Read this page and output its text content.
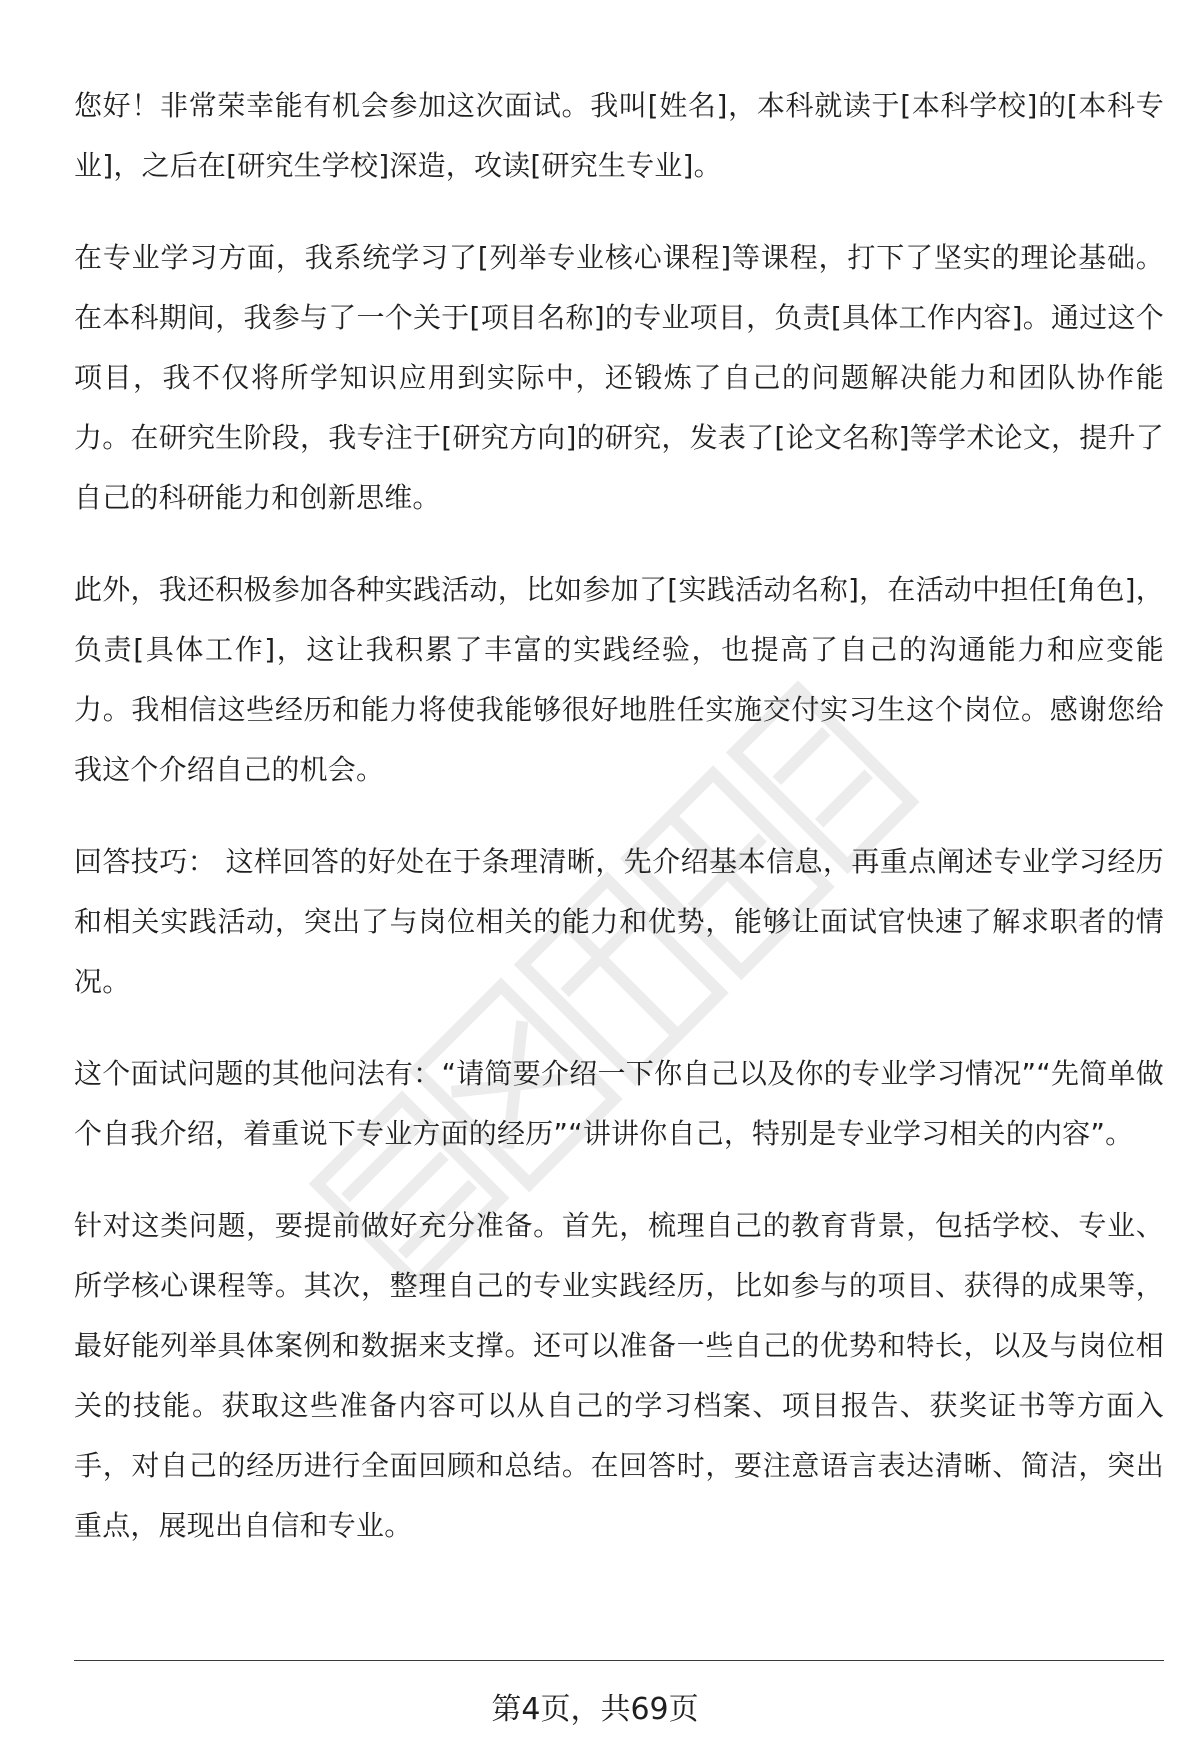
您好！非常荣幸能有机会参加这次面试。我叫[姓名]，本科就读于[本科学校]的[本科专业]，之后在[研究生学校]深造，攻读[研究生专业]。

在专业学习方面，我系统学习了[列举专业核心课程]等课程，打下了坚实的理论基础。在本科期间，我参与了一个关于[项目名称]的专业项目，负责[具体工作内容]。通过这个项目，我不仅将所学知识应用到实际中，还锻炼了自己的问题解决能力和团队协作能力。在研究生阶段，我专注于[研究方向]的研究，发表了[论文名称]等学术论文，提升了自己的科研能力和创新思维。

此外，我还积极参加各种实践活动，比如参加了[实践活动名称]，在活动中担任[角色]，负责[具体工作]，这让我积累了丰富的实践经验，也提高了自己的沟通能力和应变能力。我相信这些经历和能力将使我能够很好地胜任实施交付实习生这个岗位。感谢您给我这个介绍自己的机会。

回答技巧： 这样回答的好处在于条理清晰，先介绍基本信息，再重点阐述专业学习经历和相关实践活动，突出了与岗位相关的能力和优势，能够让面试官快速了解求职者的情况。

这个面试问题的其他问法有：“请简要介绍一下你自己以及你的专业学习情况”“先简单做个自我介绍，着重说下专业方面的经历”“讲讲你自己，特别是专业学习相关的内容”。

针对这类问题，要提前做好充分准备。首先，梳理自己的教育背景，包括学校、专业、所学核心课程等。其次，整理自己的专业实践经历，比如参与的项目、获得的成果等，最好能列举具体案例和数据来支撑。还可以准备一些自己的优势和特长，以及与岗位相关的技能。获取这些准备内容可以从自己的学习档案、项目报告、获奖证书等方面入手，对自己的经历进行全面回顾和总结。在回答时，要注意语言表达清晰、简洁，突出重点，展现出自信和专业。

第4页，共69页
